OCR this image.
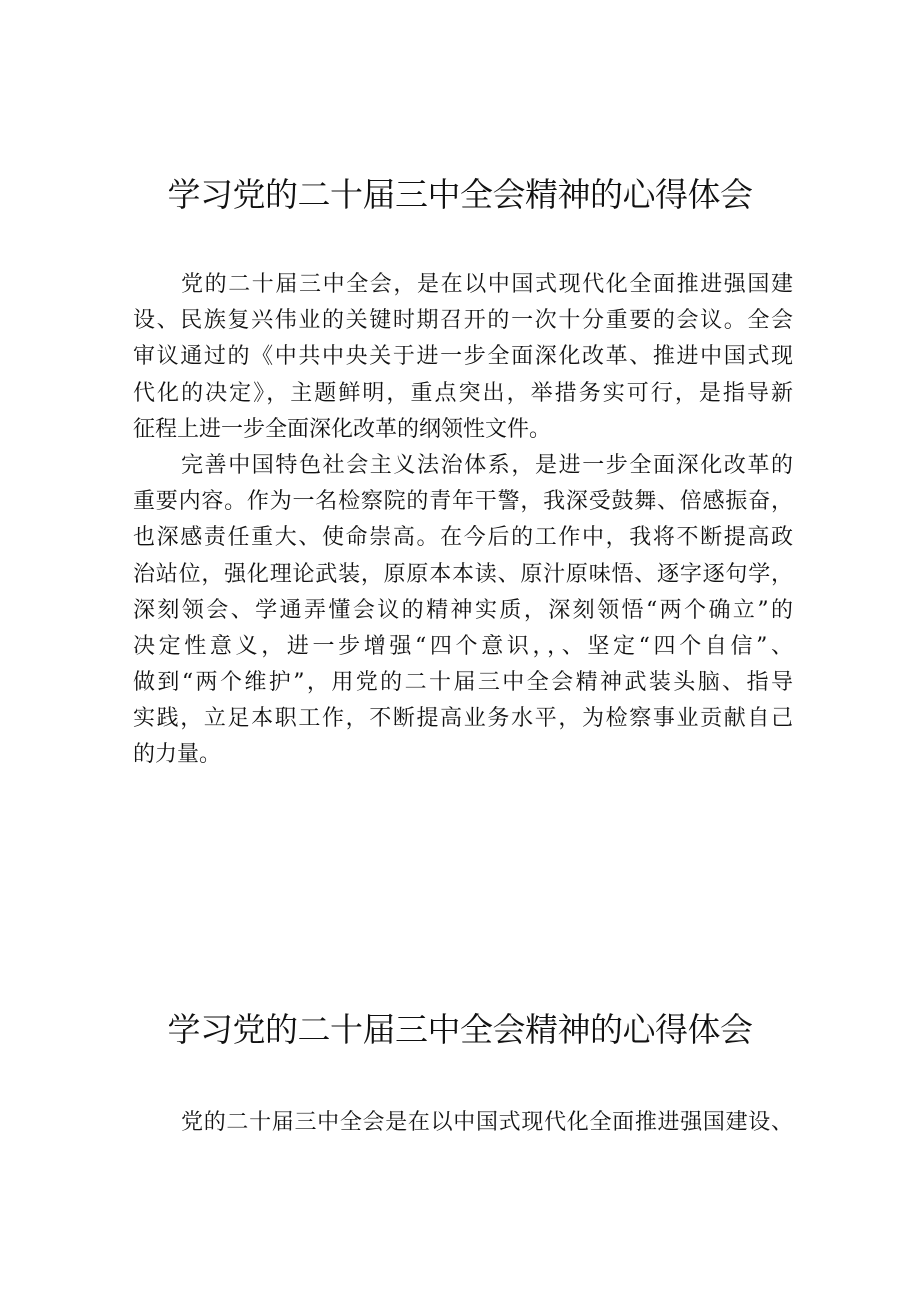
学习党的二十届三中全会精神的心得体会

党的二十届三中全会，是在以中国式现代化全面推进强国建
设、民族复兴伟业的关键时期召开的一次十分重要的会议。全会
审议通过的《中共中央关于进一步全面深化改革、推进中国式现
代化的决定》，主题鲜明，重点突出，举措务实可行，是指导新
征程上进一步全面深化改革的纲领性文件。

完善中国特色社会主义法治体系，是进一步全面深化改革的
重要内容。作为一名检察院的青年干警，我深受鼓舞、倍感振奋，
也深感责任重大、使命崇高。在今后的工作中，我将不断提高政
治站位，强化理论武装，原原本本读、原汁原味悟、逐字逐句学，
深刻领会、学通弄懂会议的精神实质，深刻领悟“两个确立”的
决定性意义，进一步增强“四个意识，，、坚定“四个自信”、
做到“两个维护”，用党的二十届三中全会精神武装头脑、指导
实践，立足本职工作，不断提高业务水平，为检察事业贡献自己
的力量。

学习党的二十届三中全会精神的心得体会

党的二十届三中全会是在以中国式现代化全面推进强国建设、
